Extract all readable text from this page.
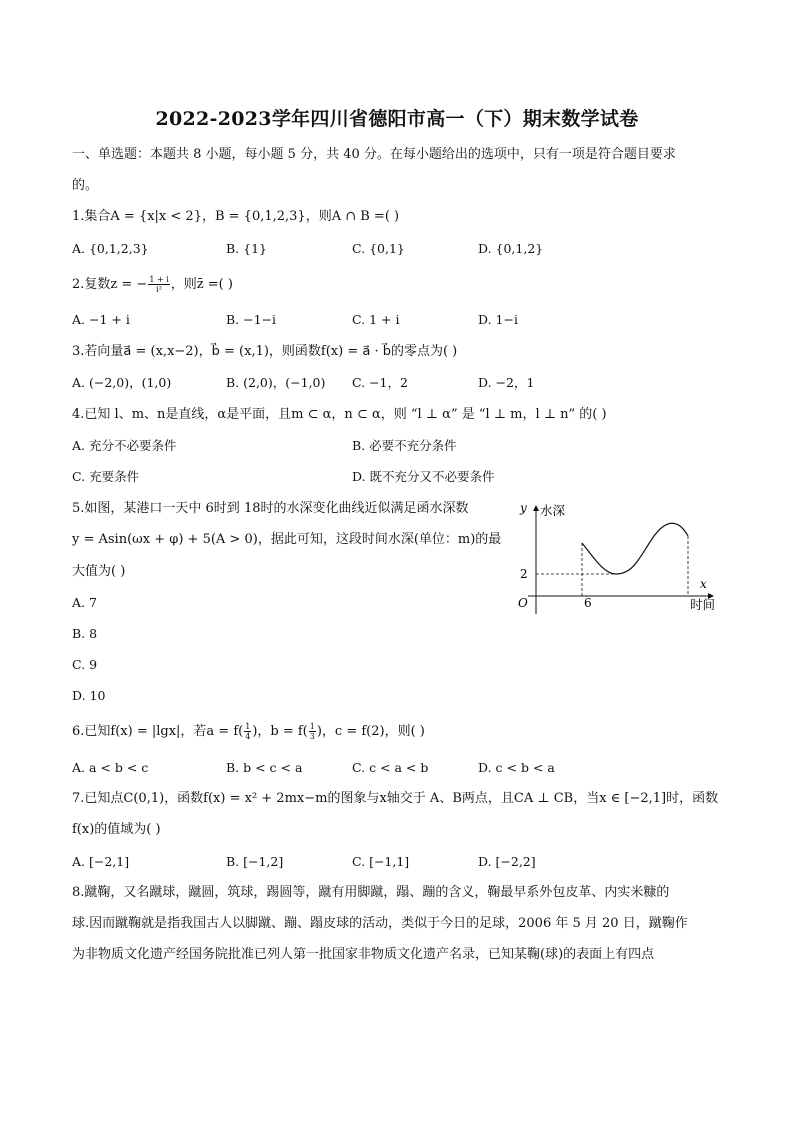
2022-2023学年四川省德阳市高一（下）期末数学试卷
一、单选题：本题共 8 小题，每小题 5 分，共 40 分。在每小题给出的选项中，只有一项是符合题目要求
的。
1.集合A = {x|x < 2}，B = {0,1,2,3}，则A ∩ B =( )
A. {0,1,2,3}	B. {1}	C. {0,1}	D. {0,1,2}
2.复数z = − $\frac{1 + i}{\text{i²}}$ ，则z̄ =( )
A. −1 + i	B. −1−i	C. 1 + i	D. 1−i
3.若向量a⃗ = (x,x−2)，b⃗ = (x,1)，则函数f(x) = a⃗ · b⃗的零点为( )
A. (−2,0)，(1,0)	B. (2,0)，(−1,0) C. −1，2	D. −2，1
4.已知 l、m、n是直线，α是平面，且m ⊂ α，n ⊂ α，则 “l ⊥ α” 是 “l ⊥ m，l ⊥ n” 的( )
A. 充分不必要条件	B. 必要不充分条件
C. 充要条件	D. 既不充分又不必要条件
5.如图，某港口一天中 6时到 18时的水深变化曲线近似满足函水深数
y = Asin(ωx + φ) + 5(A > 0)，据此可知，这段时间水深(单位：m)的最
大值为( )
A. 7
B. 8
C. 9
D. 10
y 水深
x
时间
O
2
6
6.已知f(x) = |lgx|，若$a = f( \frac{1}{4}$ )，$b = f( \frac{1}{3}$ )，c = f(2)，则( )
A. a < b < c	B. b < c < a	C. c < a < b	D. c < b < a
7.已知点C(0,1)，函数f(x) = x² + 2mx−m的图象与x轴交于 A、B两点，且CA ⊥ CB，当x ∈ [−2,1]时，函数
f(x)的值域为( )
A. [−2,1]	B. [−1,2]	C. [−1,1]	D. [−2,2]
8.蹴鞠，又名蹴球，蹴圆，筑球，踢圆等，蹴有用脚蹴，蹋、蹦的含义，鞠最早系外包皮革、内实米糠的
球.因而蹴鞠就是指我国古人以脚蹴、蹦、蹋皮球的活动，类似于今日的足球，2006 年 5 月 20 日，蹴鞠作
为非物质文化遗产经国务院批准已列人第一批国家非物质文化遗产名录，已知某鞠(球)的表面上有四点
